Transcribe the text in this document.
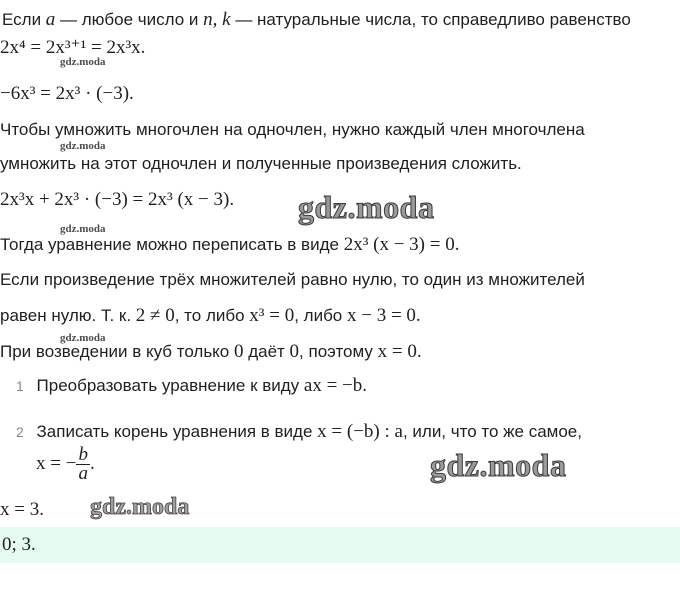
Если a — любое число и n, k — натуральные числа, то справедливо равенство
2x⁴ = 2x³⁺¹ = 2x³x.
gdz.moda
−6x³ = 2x³ · (−3).
Чтобы умножить многочлен на одночлен, нужно каждый член многочлена
gdz.moda
умножить на этот одночлен и полученные произведения сложить.
2x³x + 2x³ · (−3) = 2x³ (x − 3). gdz.moda
gdz.moda
Тогда уравнение можно переписать в виде 2x³ (x − 3) = 0.
Если произведение трёх множителей равно нулю, то один из множителей
равен нулю. Т. к. 2 ≠ 0, то либо x³ = 0, либо x − 3 = 0.
gdz.moda
При возведении в куб только 0 даёт 0, поэтому x = 0.
1 Преобразовать уравнение к виду ax = −b.
2 Записать корень уравнения в виде x = (−b) : a, или, что то же самое,
x = − $\frac{b}{a}$ .	gdz.moda
x = 3. gdz.moda
0; 3.
